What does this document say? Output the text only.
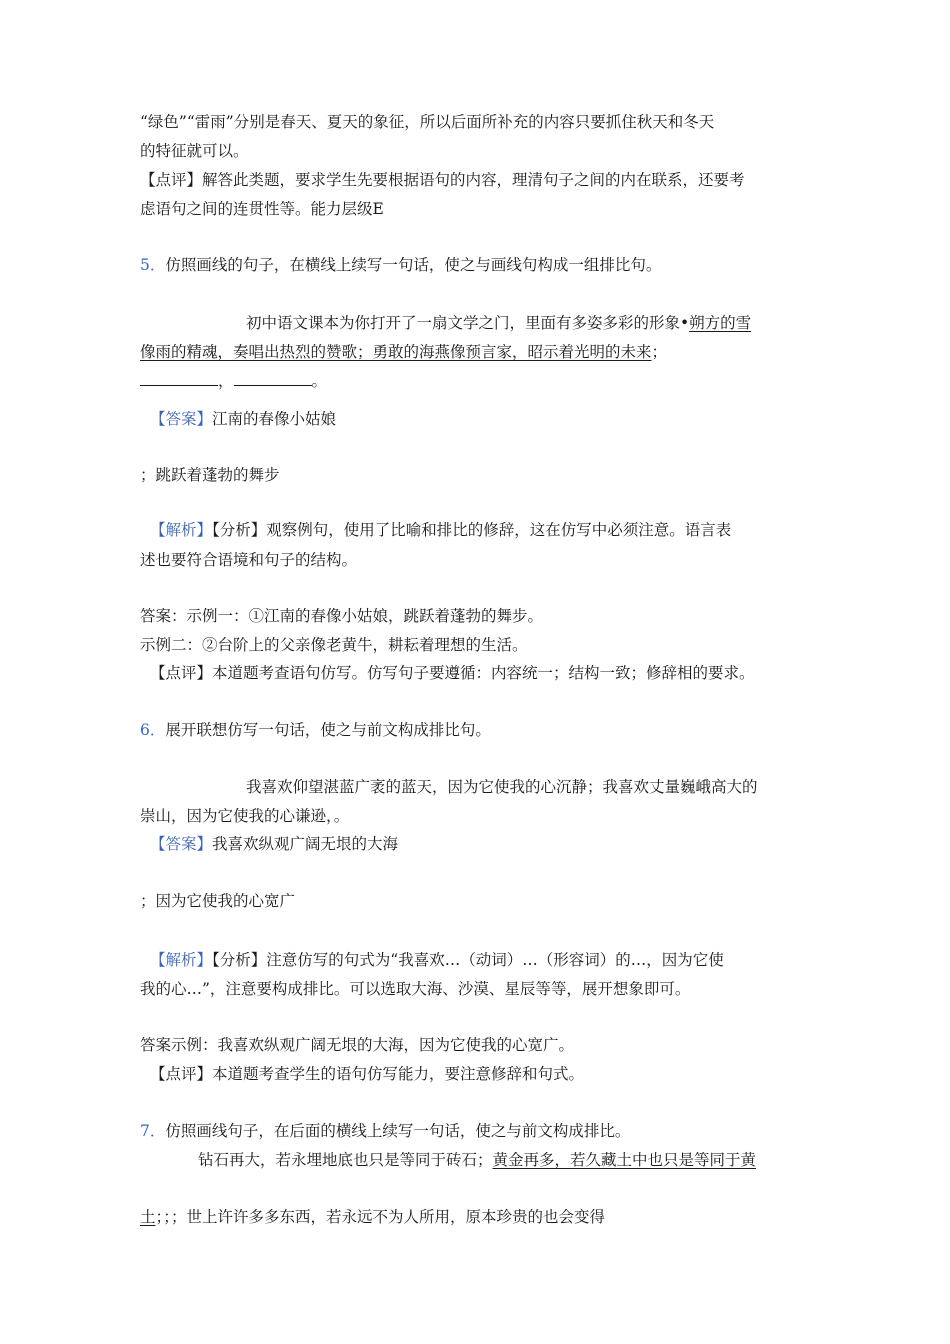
“绿色”“雷雨”分别是春天、夏天的象征，所以后面所补充的内容只要抓住秋天和冬天
的特征就可以。
【点评】解答此类题，要求学生先要根据语句的内容，理清句子之间的内在联系，还要考
虑语句之间的连贯性等。能力层级E
5．仿照画线的句子，在横线上续写一句话，使之与画线句构成一组排比句。
初中语文课本为你打开了一扇文学之门，里面有多姿多彩的形象•朔方的雪
像雨的精魂，奏唱出热烈的赞歌；勇敢的海燕像预言家，昭示着光明的未来；
，	。
【答案】江南的春像小姑娘
；跳跃着蓬勃的舞步
【解析】【分析】观察例句，使用了比喻和排比的修辞，这在仿写中必须注意。语言表
述也要符合语境和句子的结构。
答案：示例一：①江南的春像小姑娘，跳跃着蓬勃的舞步。
示例二：②台阶上的父亲像老黄牛，耕耘着理想的生活。
【点评】本道题考查语句仿写。仿写句子要遵循：内容统一；结构一致；修辞相的要求。
6．展开联想仿写一句话，使之与前文构成排比句。
我喜欢仰望湛蓝广袤的蓝天，因为它使我的心沉静；我喜欢丈量巍峨高大的
崇山，因为它使我的心谦逊，。
【答案】我喜欢纵观广阔无垠的大海
；因为它使我的心宽广
【解析】【分析】注意仿写的句式为“我喜欢…（动词）…（形容词）的…，因为它使
我的心…”，注意要构成排比。可以选取大海、沙漠、星辰等等，展开想象即可。
答案示例：我喜欢纵观广阔无垠的大海，因为它使我的心宽广。
【点评】本道题考查学生的语句仿写能力，要注意修辞和句式。
7．仿照画线句子，在后面的横线上续写一句话，使之与前文构成排比。
钻石再大，若永埋地底也只是等同于砖石；黄金再多，若久藏土中也只是等同于黄
土；；；世上许许多多东西，若永远不为人所用，原本珍贵的也会变得
